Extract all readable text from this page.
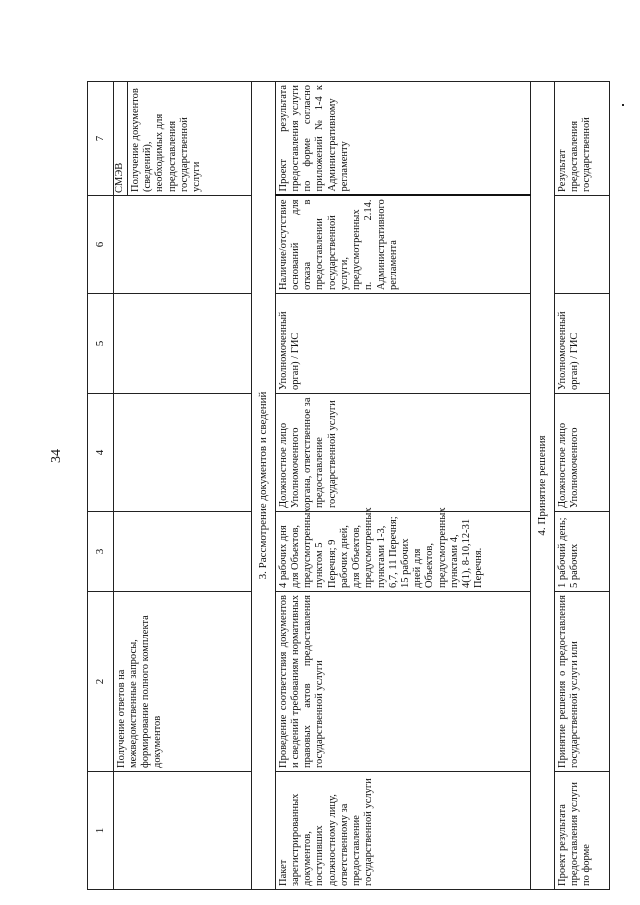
34
1	2	3	4	5	6	7
	Получение ответов на межведомственные запросы, формирование полного комплекта документов					СМЭВ Получение документов (сведений), необходимых для предоставления государственной услуги

3. Рассмотрение документов и сведений						
Пакет зарегистрированных документов, поступивших должностному лицу, ответственному за предоставление государственной услуги	Проведение соответствия документов и сведений требованиям нормативных правовых актов предоставления государственной услуги	4 рабочих дня для Объектов, предусмотренных пунктом 5 Перечня; 9 рабочих дней, для Объектов, предусмотренных пунктами 1-3, 6,7, 11 Перечня; 15 рабочих дней для Объектов, предусмотренных пунктами 4, 4(1), 8-10,12-31 Перечня.	Должностное лицо Уполномоченного органа, ответственное за предоставление государственной услуги	Уполномоченный орган) / ГИС	Наличие/отсутствие оснований для отказа в предоставлении государственной услуги, предусмотренных п. 2.14. Административного регламента	Проект результата предоставления услуги по форме согласно приложений № 1-4 к Административному регламенту
4. Принятие решения						
Проект результата предоставления услуги по форме	Принятие решения о предоставления государственной услуги или	1 рабочий день; 5 рабочих	Должностное лицо Уполномоченного	Уполномоченный орган) / ГИС		Результат предоставления государственной
